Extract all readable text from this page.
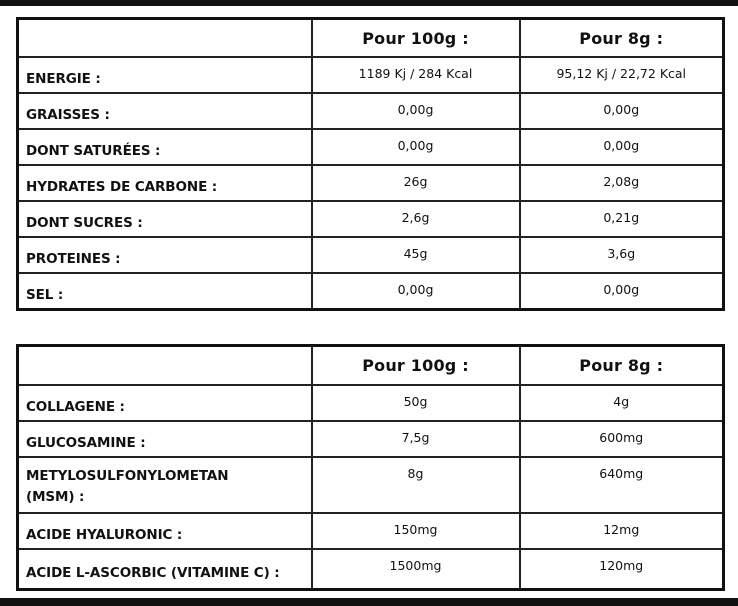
	Pour 100g :	Pour 8g :
ENERGIE :	1189 Kj / 284 Kcal	95,12 Kj / 22,72 Kcal
GRAISSES :	0,00g	0,00g
DONT SATURÉES :	0,00g	0,00g
HYDRATES DE CARBONE :	26g	2,08g
DONT SUCRES :	2,6g	0,21g
PROTEINES :	45g	3,6g
SEL :	0,00g	0,00g
	Pour 100g :	Pour 8g :
COLLAGENE :	50g	4g
GLUCOSAMINE :	7,5g	600mg
METYLOSULFONYLOMETAN (MSM) :	8g	640mg
ACIDE HYALURONIC :	150mg	12mg
ACIDE L-ASCORBIC (VITAMINE C) :	1500mg	120mg
